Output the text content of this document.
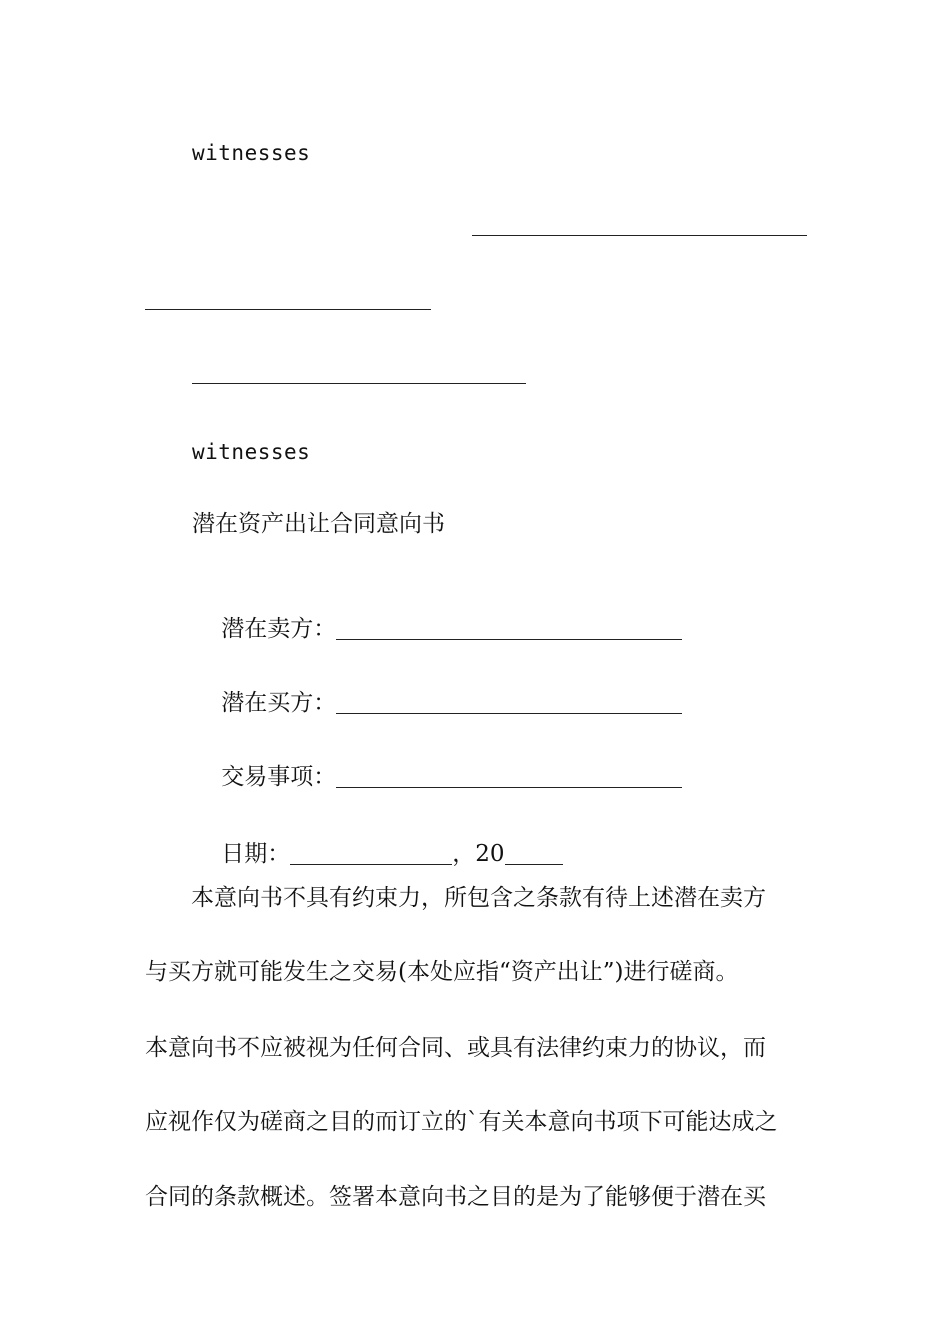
witnesses
witnesses
潜在资产出让合同意向书

潜在卖方：

潜在买方：

交易事项：

日期：	，20

　　本意向书不具有约束力，所包含之条款有待上述潜在卖方
与买方就可能发生之交易(本处应指“资产出让”)进行磋商。
本意向书不应被视为任何合同、或具有法律约束力的协议，而
应视作仅为磋商之目的而订立的`有关本意向书项下可能达成之
合同的条款概述。签署本意向书之目的是为了能够便于潜在买
